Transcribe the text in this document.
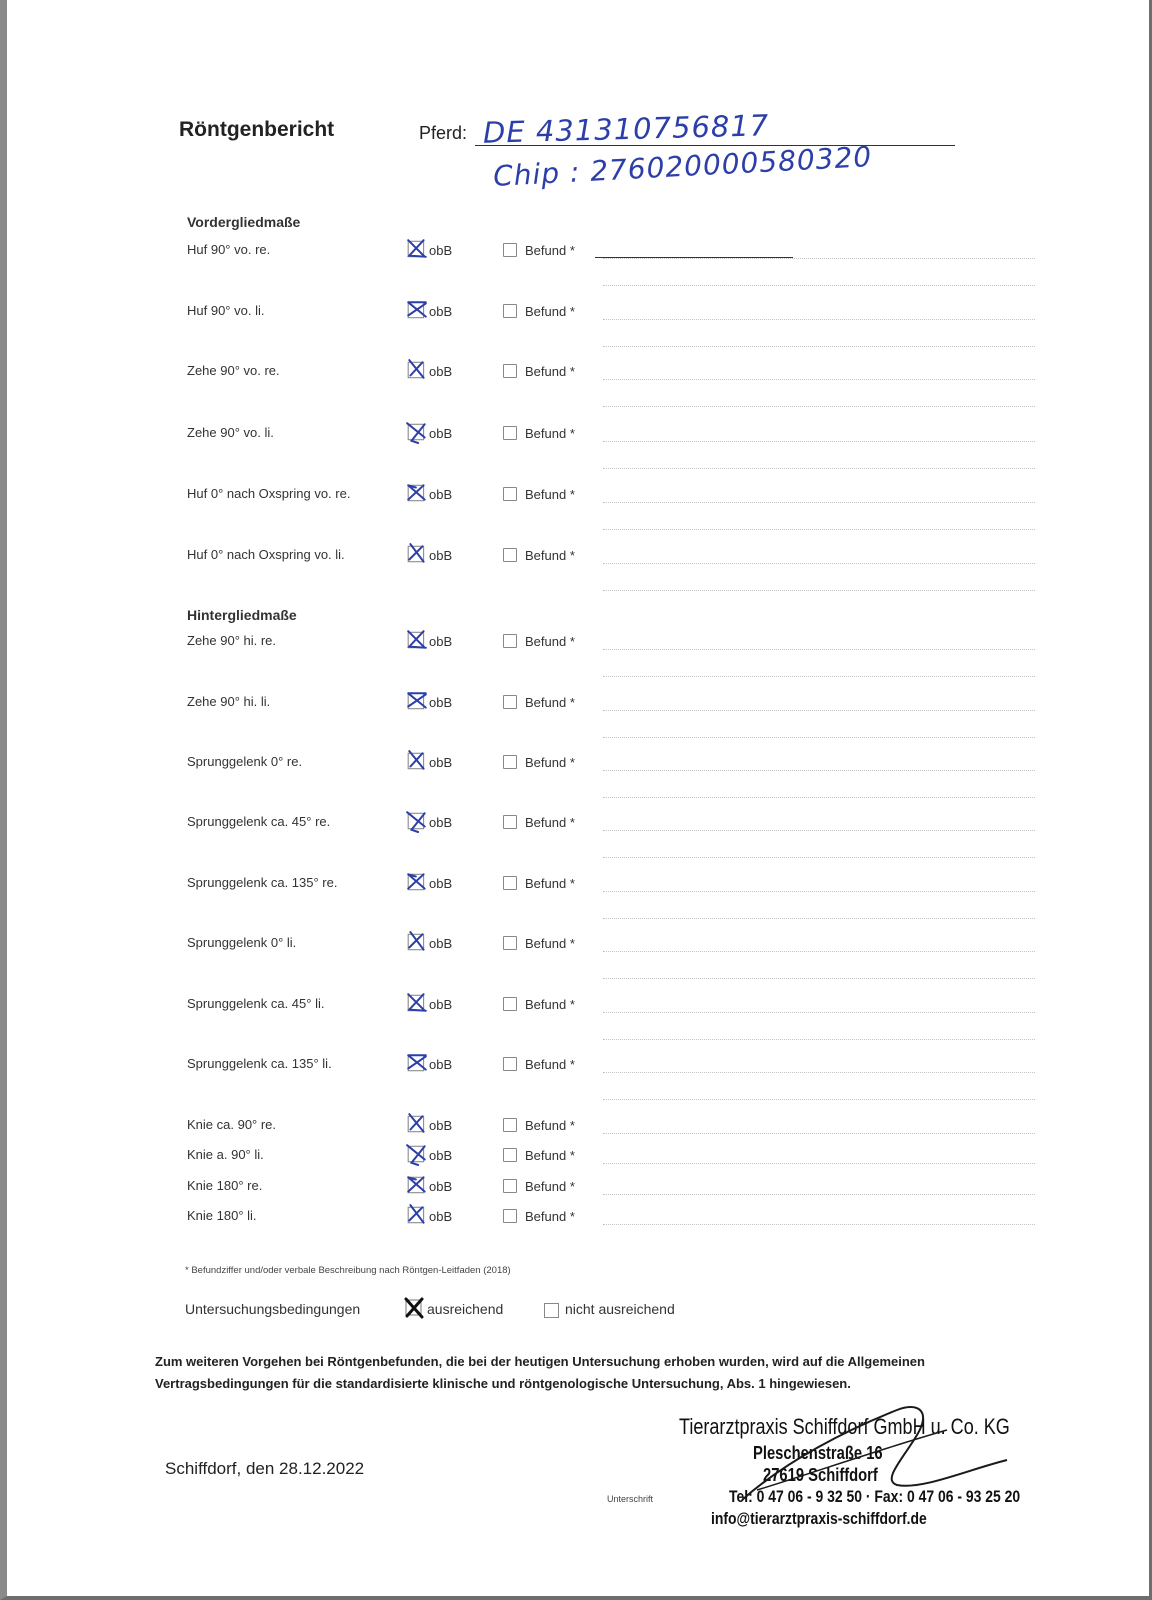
Röntgenbericht	Pferd: DE 431310756817
Chip : 276020000580320
Vordergliedmaße
Huf 90° vo. re.	obB	Befund *
Huf 90° vo. li.	obB	Befund *
Zehe 90° vo. re.	obB	Befund *
Zehe 90° vo. li.	obB	Befund *
Huf 0° nach Oxspring vo. re.	obB	Befund *
Huf 0° nach Oxspring vo. li.	obB	Befund *
Hintergliedmaße
Zehe 90° hi. re.	obB	Befund *
Zehe 90° hi. li.	obB	Befund *
Sprunggelenk 0° re.	obB	Befund *
Sprunggelenk ca. 45° re.	obB	Befund *
Sprunggelenk ca. 135° re.	obB	Befund *
Sprunggelenk 0° li.	obB	Befund *
Sprunggelenk ca. 45° li.	obB	Befund *
Sprunggelenk ca. 135° li.	obB	Befund *
Knie ca. 90° re.	obB	Befund *
Knie a. 90° li.	obB	Befund *
Knie 180° re.	obB	Befund *
Knie 180° li.	obB	Befund *
* Befundziffer und/oder verbale Beschreibung nach Röntgen-Leitfaden (2018)
Untersuchungsbedingungen	ausreichend	nicht ausreichend
Zum weiteren Vorgehen bei Röntgenbefunden, die bei der heutigen Untersuchung erhoben wurden, wird auf die Allgemeinen Vertragsbedingungen für die standardisierte klinische und röntgenologische Untersuchung, Abs. 1 hingewiesen.
Schiffdorf, den 28.12.2022
Tierarztpraxis Schiffdorf GmbH u. Co. KG
Pleschenstraße 16
27619 Schiffdorf
Unterschrift	Tel: 0 47 06 - 9 32 50 · Fax: 0 47 06 - 93 25 20
info@tierarztpraxis-schiffdorf.de
